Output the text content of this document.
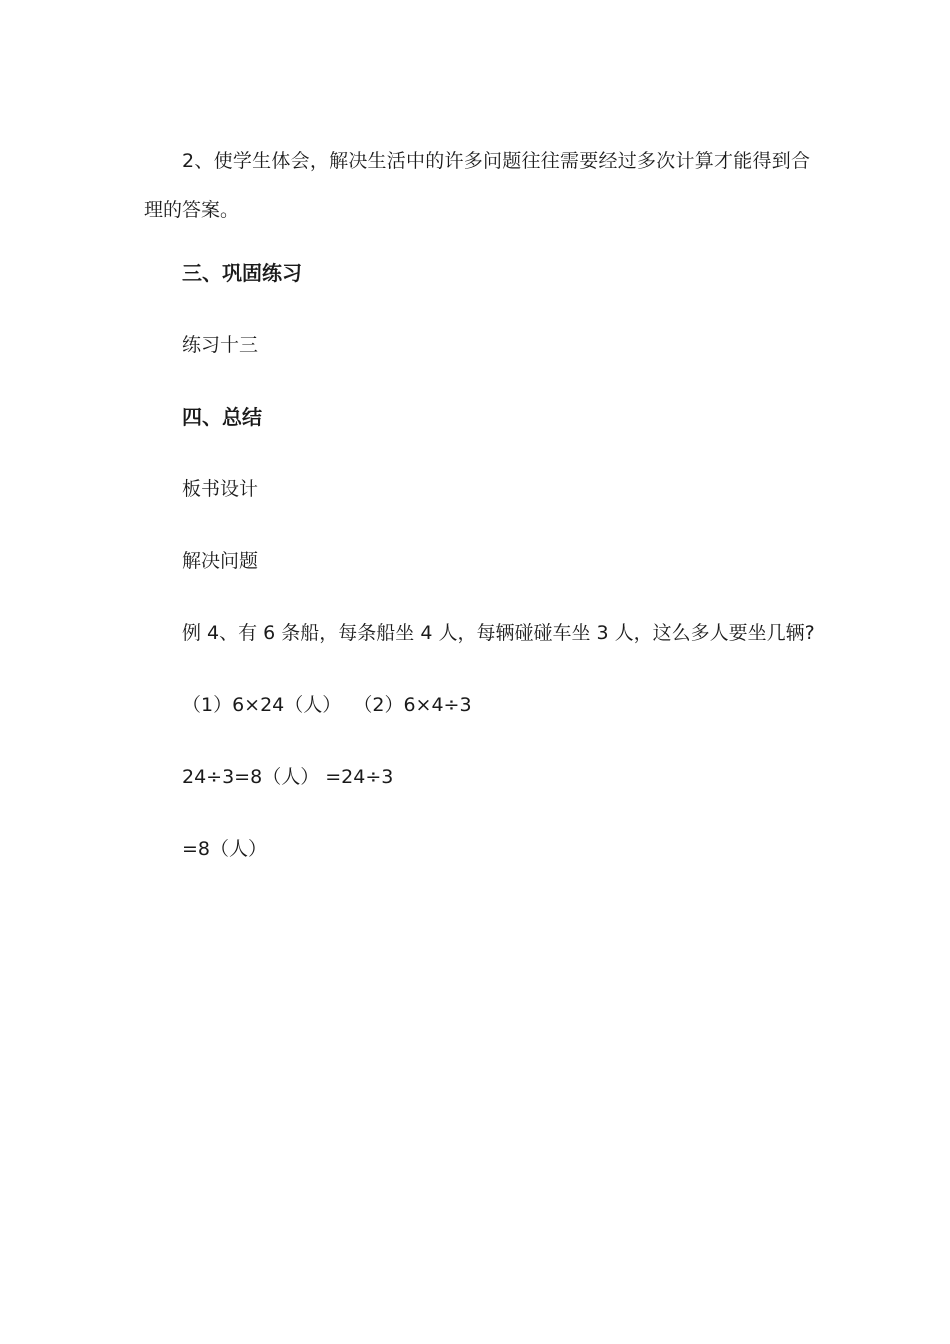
2、使学生体会，解决生活中的许多问题往往需要经过多次计算才能得到合理的答案。

三、巩固练习

练习十三

四、总结

板书设计

解决问题

例 4、有 6 条船，每条船坐 4 人，每辆碰碰车坐 3 人，这么多人要坐几辆?

（1）6×24（人）  （2）6×4÷3

24÷3=8（人） =24÷3

=8（人）
